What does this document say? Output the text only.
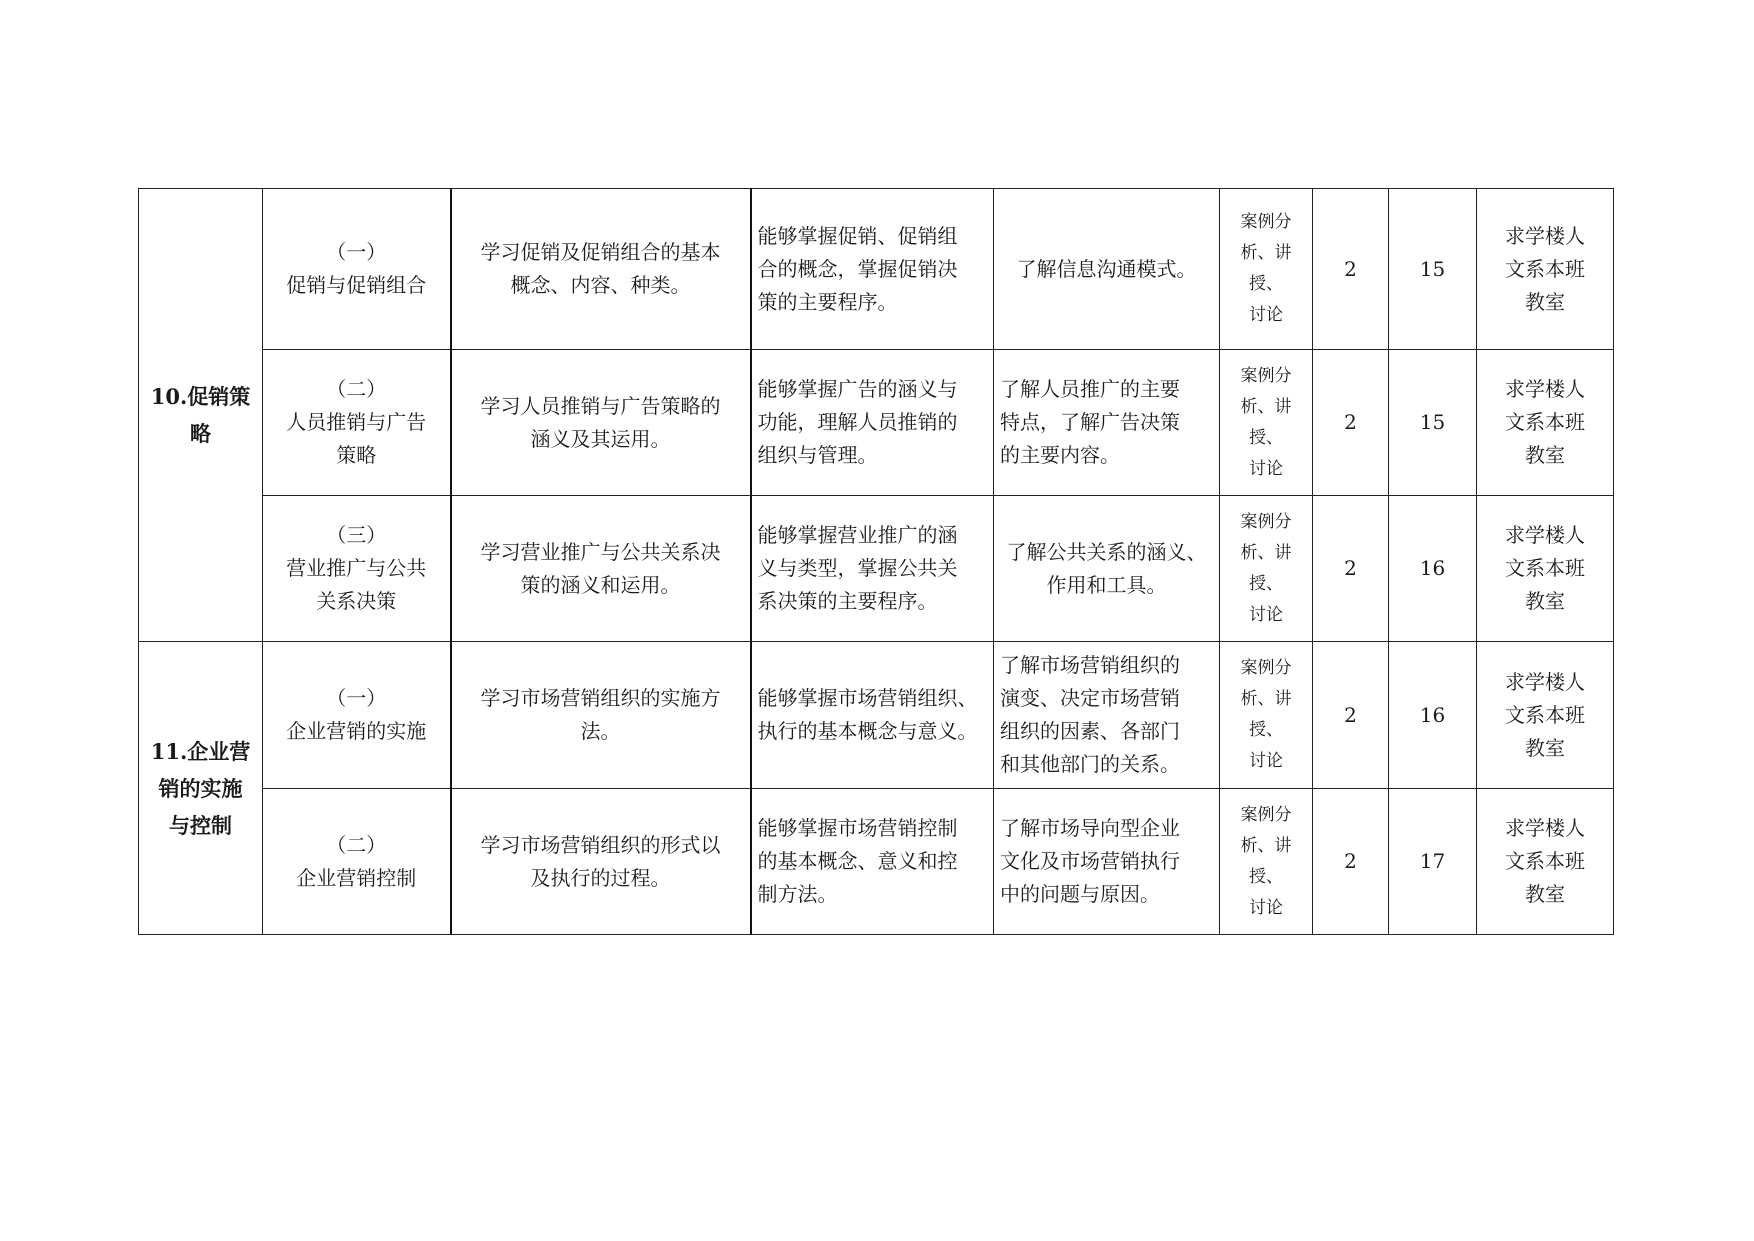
10.促销策
略	（一）
促销与促销组合	学习促销及促销组合的基本
概念、内容、种类。	能够掌握促销、促销组
合的概念，掌握促销决
策的主要程序。	了解信息沟通模式。	案例分
析、讲授、
讨论	2	15	求学楼人
文系本班
教室
	（二）
人员推销与广告
策略	学习人员推销与广告策略的
涵义及其运用。	能够掌握广告的涵义与
功能，理解人员推销的
组织与管理。	了解人员推广的主要
特点，了解广告决策
的主要内容。	案例分
析、讲授、
讨论	2	15	求学楼人
文系本班
教室
	（三）
营业推广与公共
关系决策	学习营业推广与公共关系决
策的涵义和运用。	能够掌握营业推广的涵
义与类型，掌握公共关
系决策的主要程序。	了解公共关系的涵义、
作用和工具。	案例分
析、讲授、
讨论	2	16	求学楼人
文系本班
教室
11.企业营
销的实施
与控制	（一）
企业营销的实施	学习市场营销组织的实施方
法。	能够掌握市场营销组织、
执行的基本概念与意义。	了解市场营销组织的
演变、决定市场营销
组织的因素、各部门
和其他部门的关系。	案例分
析、讲授、
讨论	2	16	求学楼人
文系本班
教室
	（二）
企业营销控制	学习市场营销组织的形式以
及执行的过程。	能够掌握市场营销控制
的基本概念、意义和控
制方法。	了解市场导向型企业
文化及市场营销执行
中的问题与原因。	案例分
析、讲授、
讨论	2	17	求学楼人
文系本班
教室
